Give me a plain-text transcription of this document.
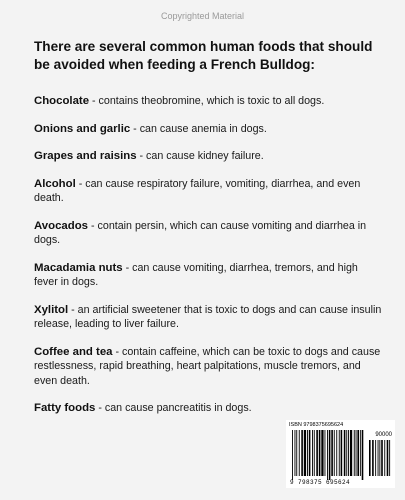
Copyrighted Material

There are several common human foods that should be avoided when feeding a French Bulldog:

Chocolate - contains theobromine, which is toxic to all dogs.

Onions and garlic - can cause anemia in dogs.

Grapes and raisins - can cause kidney failure.

Alcohol - can cause respiratory failure, vomiting, diarrhea, and even death.

Avocados - contain persin, which can cause vomiting and diarrhea in dogs.

Macadamia nuts - can cause vomiting, diarrhea, tremors, and high fever in dogs.

Xylitol - an artificial sweetener that is toxic to dogs and can cause insulin release, leading to liver failure.

Coffee and tea - contain caffeine, which can be toxic to dogs and cause restlessness, rapid breathing, heart palpitations, muscle tremors, and even death.

Fatty foods - can cause pancreatitis in dogs.

ISBN 9798375695624
90000
9 798375 695624
